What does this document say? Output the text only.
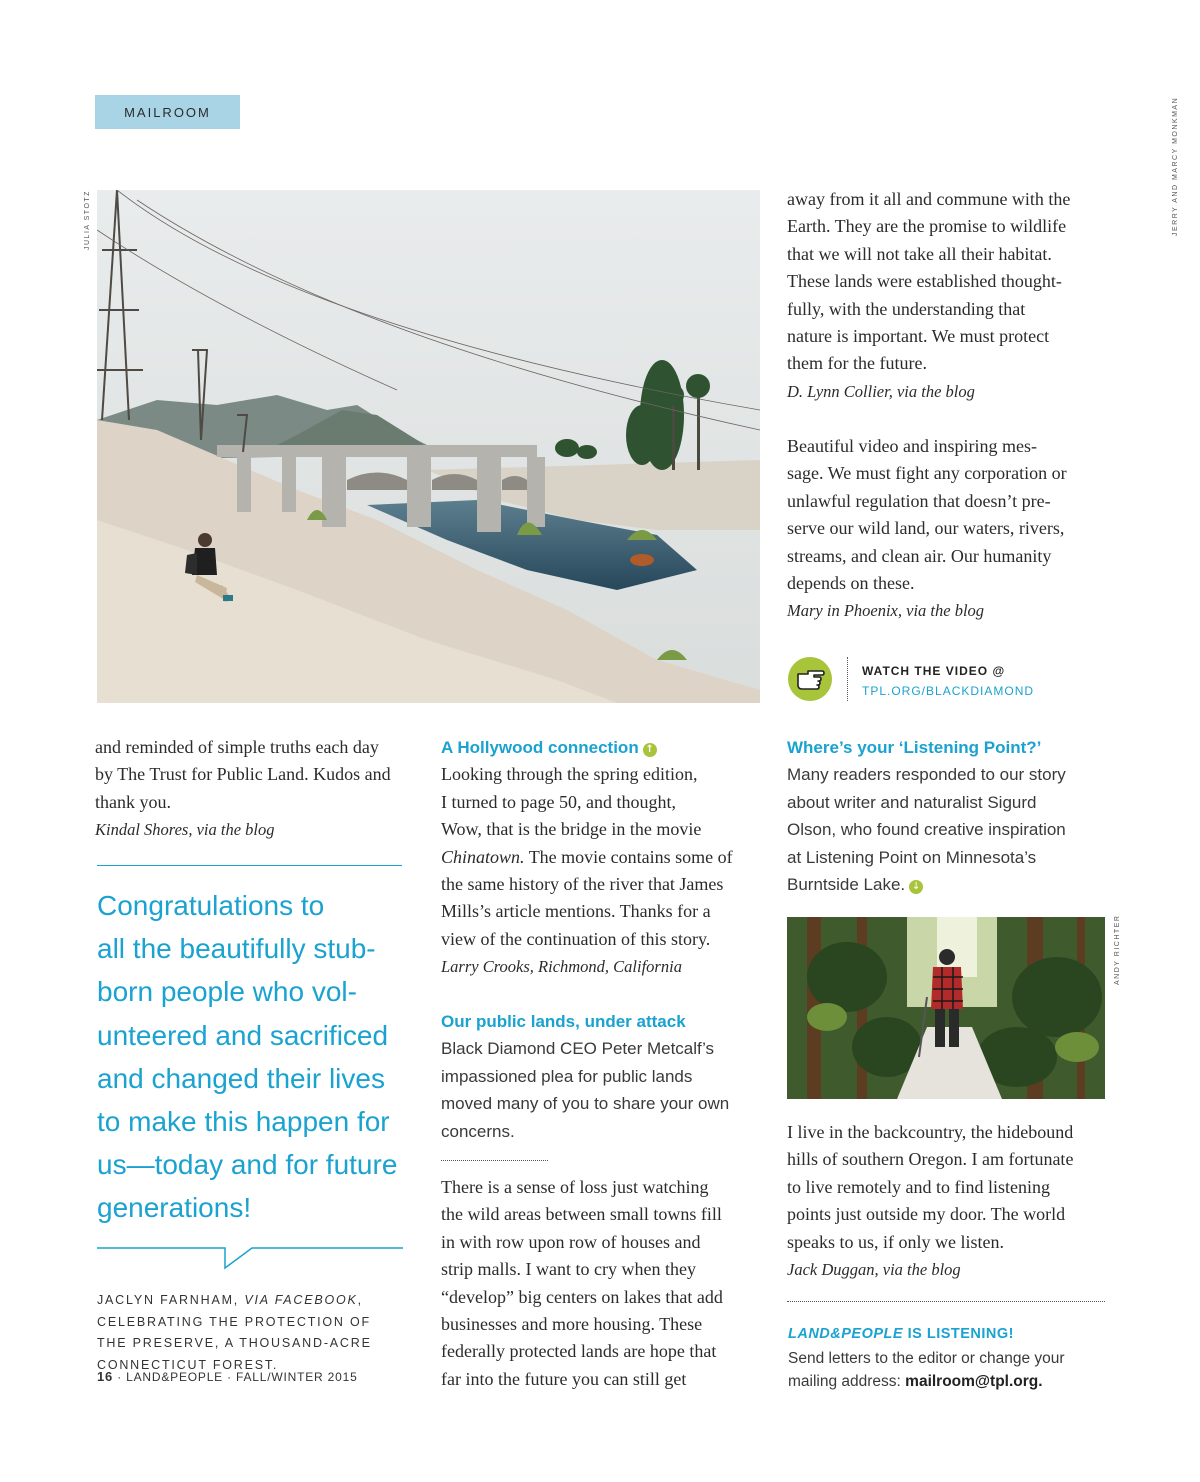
MAILROOM
JULIA STOTZ	JERRY AND MARCY MONKMAN
ANDY RICHTER
and reminded of simple truths each day
by The Trust for Public Land. Kudos and
thank you.
Kindal Shores, via the blog
Congratulations to
all the beautifully stub-
born people who vol-
unteered and sacrificed
and changed their lives
to make this happen for
us—today and for future
generations!
JACLYN FARNHAM, VIA FACEBOOK,
CELEBRATING THE PROTECTION OF
THE PRESERVE, A THOUSAND-ACRE
CONNECTICUT FOREST.
16 · LAND&PEOPLE · FALL/WINTER 2015
A Hollywood connection ↑
Looking through the spring edition,
I turned to page 50, and thought,
Wow, that is the bridge in the movie
Chinatown. The movie contains some of
the same history of the river that James
Mills’s article mentions. Thanks for a
view of the continuation of this story.
Larry Crooks, Richmond, California
Our public lands, under attack
Black Diamond CEO Peter Metcalf’s
impassioned plea for public lands
moved many of you to share your own
concerns.
There is a sense of loss just watching
the wild areas between small towns fill
in with row upon row of houses and
strip malls. I want to cry when they
“develop” big centers on lakes that add
businesses and more housing. These
federally protected lands are hope that
far into the future you can still get
away from it all and commune with the
Earth. They are the promise to wildlife
that we will not take all their habitat.
These lands were established thought-
fully, with the understanding that
nature is important. We must protect
them for the future.
D. Lynn Collier, via the blog
Beautiful video and inspiring mes-
sage. We must fight any corporation or
unlawful regulation that doesn’t pre-
serve our wild land, our waters, rivers,
streams, and clean air. Our humanity
depends on these.
Mary in Phoenix, via the blog
WATCH THE VIDEO @
TPL.ORG/BLACKDIAMOND
Where’s your ‘Listening Point?’
Many readers responded to our story
about writer and naturalist Sigurd
Olson, who found creative inspiration
at Listening Point on Minnesota’s
Burntside Lake. ↓
I live in the backcountry, the hidebound
hills of southern Oregon. I am fortunate
to live remotely and to find listening
points just outside my door. The world
speaks to us, if only we listen.
Jack Duggan, via the blog
LAND&PEOPLE IS LISTENING!
Send letters to the editor or change your
mailing address: mailroom@tpl.org.
